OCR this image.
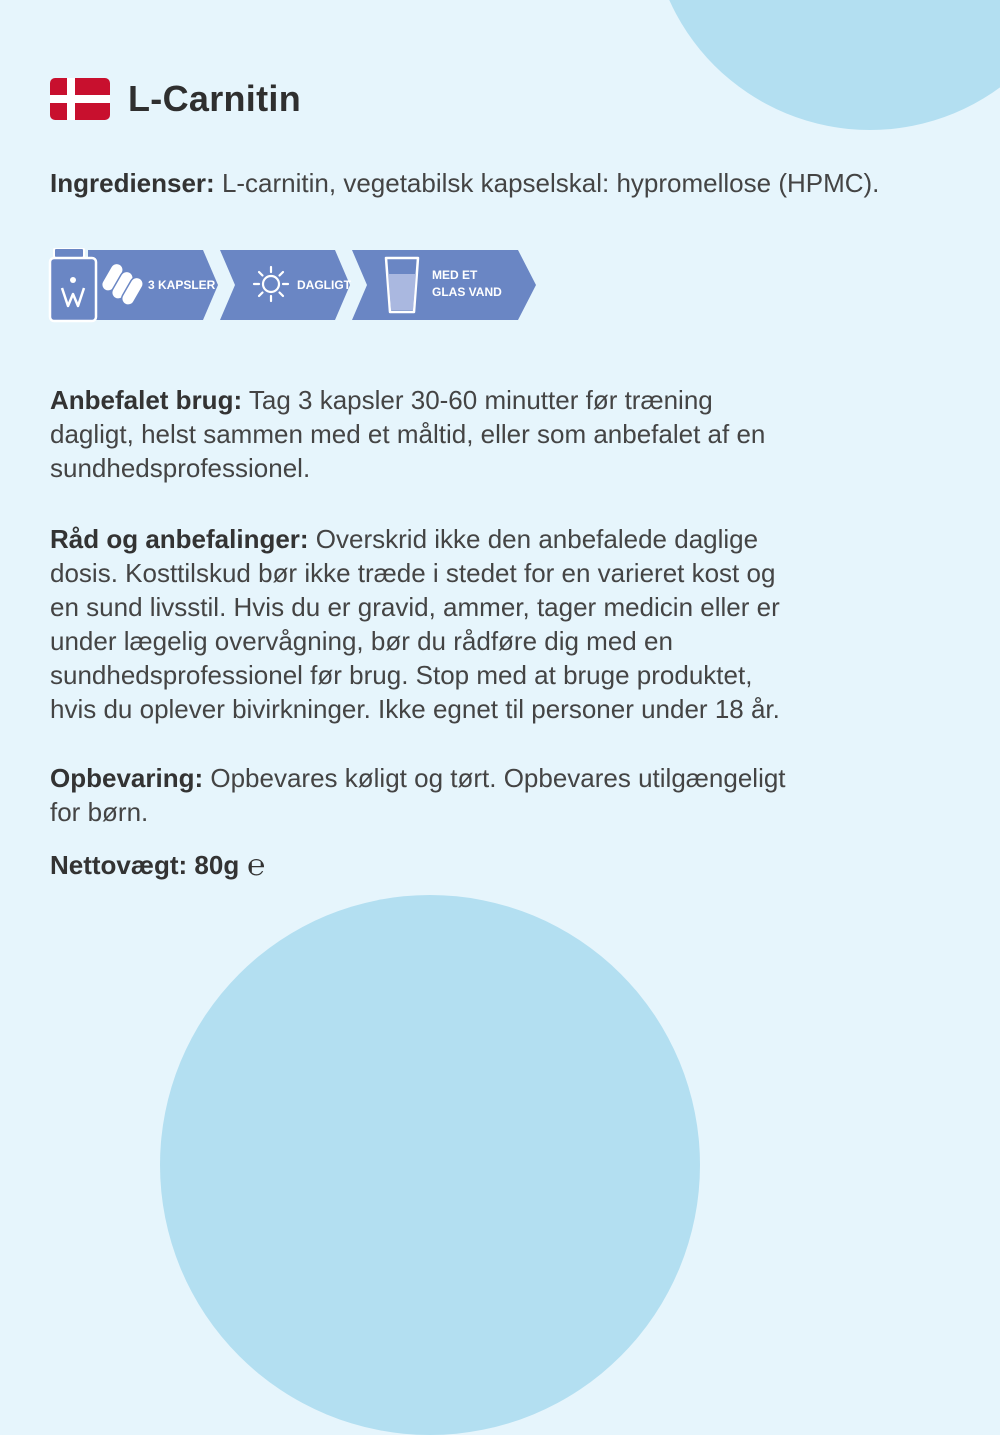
L-Carnitin
Ingredienser: L-carnitin, vegetabilsk kapselskal: hypromellose (HPMC).
3 KAPSLER	DAGLIGT
MED ET
GLAS VAND
Anbefalet brug: Tag 3 kapsler 30-60 minutter før træning
dagligt, helst sammen med et måltid, eller som anbefalet af en
sundhedsprofessionel.
Råd og anbefalinger: Overskrid ikke den anbefalede daglige
dosis. Kosttilskud bør ikke træde i stedet for en varieret kost og
en sund livsstil. Hvis du er gravid, ammer, tager medicin eller er
under lægelig overvågning, bør du rådføre dig med en
sundhedsprofessionel før brug. Stop med at bruge produktet,
hvis du oplever bivirkninger. Ikke egnet til personer under 18 år.
Opbevaring: Opbevares køligt og tørt. Opbevares utilgængeligt
for børn.
Nettovægt: 80g ℮
